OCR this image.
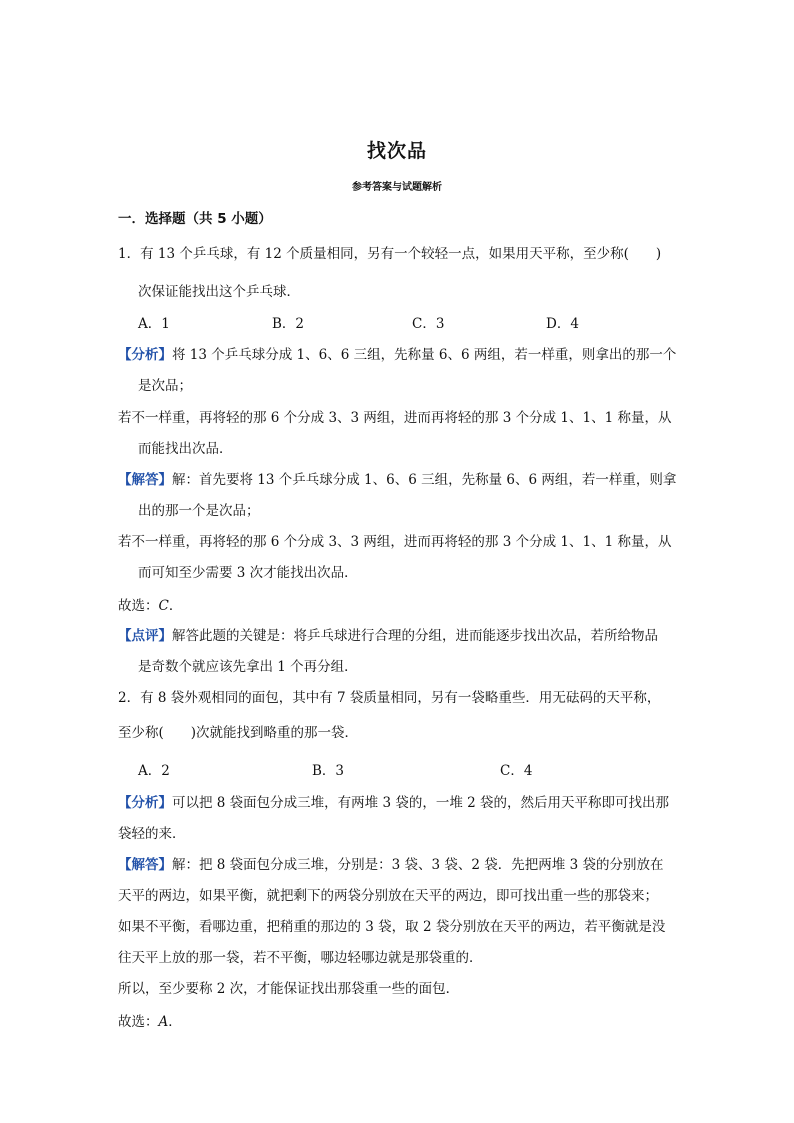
找次品
参考答案与试题解析
一．选择题（共 5 小题）
1．有 13 个乒乓球，有 12 个质量相同，另有一个较轻一点，如果用天平称，至少称(　　)
次保证能找出这个乒乓球．
A．1	B．2	C．3	D．4
【分析】将 13 个乒乓球分成 1、6、6 三组，先称量 6、6 两组，若一样重，则拿出的那一个
是次品；
若不一样重，再将轻的那 6 个分成 3、3 两组，进而再将轻的那 3 个分成 1、1、1 称量，从
而能找出次品．
【解答】解：首先要将 13 个乒乓球分成 1、6、6 三组，先称量 6、6 两组，若一样重，则拿
出的那一个是次品；
若不一样重，再将轻的那 6 个分成 3、3 两组，进而再将轻的那 3 个分成 1、1、1 称量，从
而可知至少需要 3 次才能找出次品．
故选：C．
【点评】解答此题的关键是：将乒乓球进行合理的分组，进而能逐步找出次品，若所给物品
是奇数个就应该先拿出 1 个再分组．
2．有 8 袋外观相同的面包，其中有 7 袋质量相同，另有一袋略重些．用无砝码的天平称，
至少称(　　)次就能找到略重的那一袋．
A．2	B．3	C．4
【分析】可以把 8 袋面包分成三堆，有两堆 3 袋的，一堆 2 袋的，然后用天平称即可找出那
袋轻的来．
【解答】解：把 8 袋面包分成三堆，分别是：3 袋、3 袋、2 袋．先把两堆 3 袋的分别放在
天平的两边，如果平衡，就把剩下的两袋分别放在天平的两边，即可找出重一些的那袋来；
如果不平衡，看哪边重，把稍重的那边的 3 袋，取 2 袋分别放在天平的两边，若平衡就是没
往天平上放的那一袋，若不平衡，哪边轻哪边就是那袋重的．
所以，至少要称 2 次，才能保证找出那袋重一些的面包．
故选：A．
